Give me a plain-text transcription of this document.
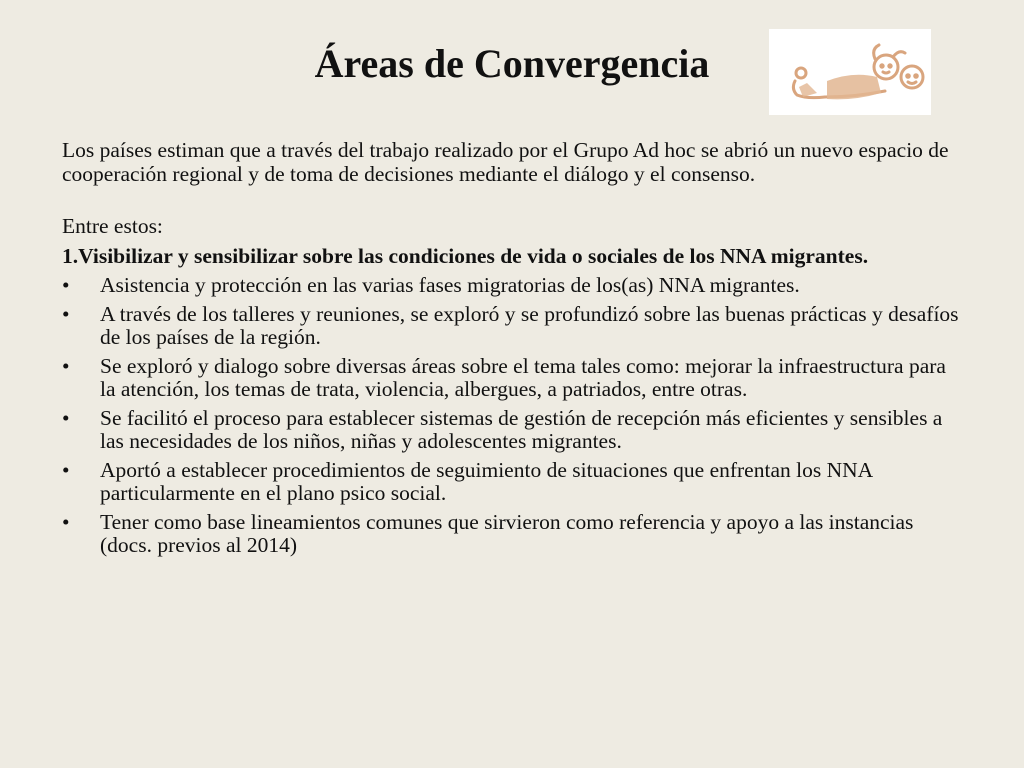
Áreas de Convergencia

Los países estiman que a través del trabajo realizado por el Grupo Ad hoc se abrió un nuevo espacio de cooperación regional y de toma de decisiones mediante el diálogo y el consenso.

Entre estos:

1.Visibilizar y sensibilizar sobre las condiciones de vida o sociales de los NNA migrantes.

• Asistencia y protección en las varias fases migratorias de los(as) NNA migrantes.
• A través de los talleres y reuniones, se exploró y se profundizó sobre las buenas prácticas y desafíos de los países de la región.
• Se exploró y dialogo sobre diversas áreas sobre el tema tales como: mejorar la infraestructura para la atención, los temas de trata, violencia, albergues, a patriados, entre otras.
• Se facilitó el proceso para establecer sistemas de gestión de recepción más eficientes y sensibles a las necesidades de los niños, niñas y adolescentes migrantes.
• Aportó a establecer procedimientos de seguimiento de situaciones que enfrentan los NNA particularmente en el plano psico social.
• Tener como base lineamientos comunes que sirvieron como referencia y apoyo a las instancias (docs. previos al 2014)
